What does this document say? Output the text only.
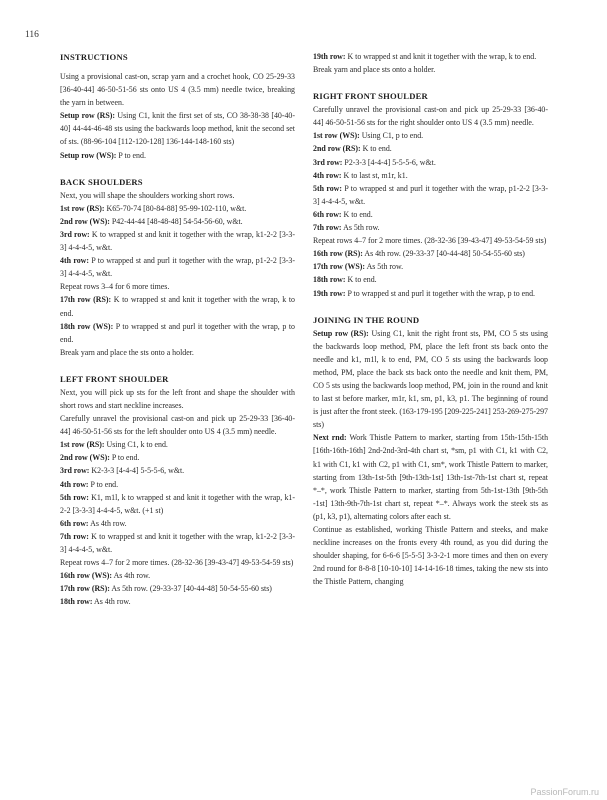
116
INSTRUCTIONS

Using a provisional cast-on, scrap yarn and a crochet hook, CO 25-29-33 [36-40-44] 46-50-51-56 sts onto US 4 (3.5 mm) needle twice, breaking the yarn in between.

Setup row (RS): Using C1, knit the first set of sts, CO 38-38-38 [40-40-40] 44-44-46-48 sts using the backwards loop method, knit the second set of sts. (88-96-104 [112-120-128] 136-144-148-160 sts)

Setup row (WS): P to end.

BACK SHOULDERS

Next, you will shape the shoulders working short rows.

1st row (RS): K65-70-74 [80-84-88] 95-99-102-110, w&t.

2nd row (WS): P42-44-44 [48-48-48] 54-54-56-60, w&t.

3rd row: K to wrapped st and knit it together with the wrap, k1-2-2 [3-3-3] 4-4-4-5, w&t.

4th row: P to wrapped st and purl it together with the wrap, p1-2-2 [3-3-3] 4-4-4-5, w&t.

Repeat rows 3–4 for 6 more times.

17th row (RS): K to wrapped st and knit it together with the wrap, k to end.

18th row (WS): P to wrapped st and purl it together with the wrap, p to end.

Break yarn and place the sts onto a holder.

LEFT FRONT SHOULDER

Next, you will pick up sts for the left front and shape the shoulder with short rows and start neckline increases.

Carefully unravel the provisional cast-on and pick up 25-29-33 [36-40-44] 46-50-51-56 sts for the left shoulder onto US 4 (3.5 mm) needle.

1st row (RS): Using C1, k to end.

2nd row (WS): P to end.

3rd row: K2-3-3 [4-4-4] 5-5-5-6, w&t.

4th row: P to end.

5th row: K1, m1l, k to wrapped st and knit it together with the wrap, k1-2-2 [3-3-3] 4-4-4-5, w&t. (+1 st)

6th row: As 4th row.

7th row: K to wrapped st and knit it together with the wrap, k1-2-2 [3-3-3] 4-4-4-5, w&t.

Repeat rows 4–7 for 2 more times. (28-32-36 [39-43-47] 49-53-54-59 sts)

16th row (WS): As 4th row.

17th row (RS): As 5th row. (29-33-37 [40-44-48] 50-54-55-60 sts)

18th row: As 4th row.

19th row: K to wrapped st and knit it together with the wrap, k to end.

Break yarn and place sts onto a holder.

RIGHT FRONT SHOULDER

Carefully unravel the provisional cast-on and pick up 25-29-33 [36-40-44] 46-50-51-56 sts for the right shoulder onto US 4 (3.5 mm) needle.

1st row (WS): Using C1, p to end.

2nd row (RS): K to end.

3rd row: P2-3-3 [4-4-4] 5-5-5-6, w&t.

4th row: K to last st, m1r, k1.

5th row: P to wrapped st and purl it together with the wrap, p1-2-2 [3-3-3] 4-4-4-5, w&t.

6th row: K to end.

7th row: As 5th row.

Repeat rows 4–7 for 2 more times. (28-32-36 [39-43-47] 49-53-54-59 sts)

16th row (RS): As 4th row. (29-33-37 [40-44-48] 50-54-55-60 sts)

17th row (WS): As 5th row.

18th row: K to end.

19th row: P to wrapped st and purl it together with the wrap, p to end.

JOINING IN THE ROUND

Setup row (RS): Using C1, knit the right front sts, PM, CO 5 sts using the backwards loop method, PM, place the left front sts back onto the needle and k1, m1l, k to end, PM, CO 5 sts using the backwards loop method, PM, place the back sts back onto the needle and knit them, PM, CO 5 sts using the backwards loop method, PM, join in the round and knit to last st before marker, m1r, k1, sm, p1, k3, p1. The beginning of round is just after the front steek. (163-179-195 [209-225-241] 253-269-275-297 sts)

Next rnd: Work Thistle Pattern to marker, starting from 15th-15th-15th [16th-16th-16th] 2nd-2nd-3rd-4th chart st, *sm, p1 with C1, k1 with C2, k1 with C1, k1 with C2, p1 with C1, sm*, work Thistle Pattern to marker, starting from 13th-1st-5th [9th-13th-1st] 13th-1st-7th-1st chart st, repeat *–*, work Thistle Pattern to marker, starting from 5th-1st-13th [9th-5th -1st] 13th-9th-7th-1st chart st, repeat *–*. Always work the steek sts as (p1, k3, p1), alternating colors after each st.

Continue as established, working Thistle Pattern and steeks, and make neckline increases on the fronts every 4th round, as you did during the shoulder shaping, for 6-6-6 [5-5-5] 3-3-2-1 more times and then on every 2nd round for 8-8-8 [10-10-10] 14-14-16-18 times, taking the new sts into the Thistle Pattern, changing

PassionForum.ru
